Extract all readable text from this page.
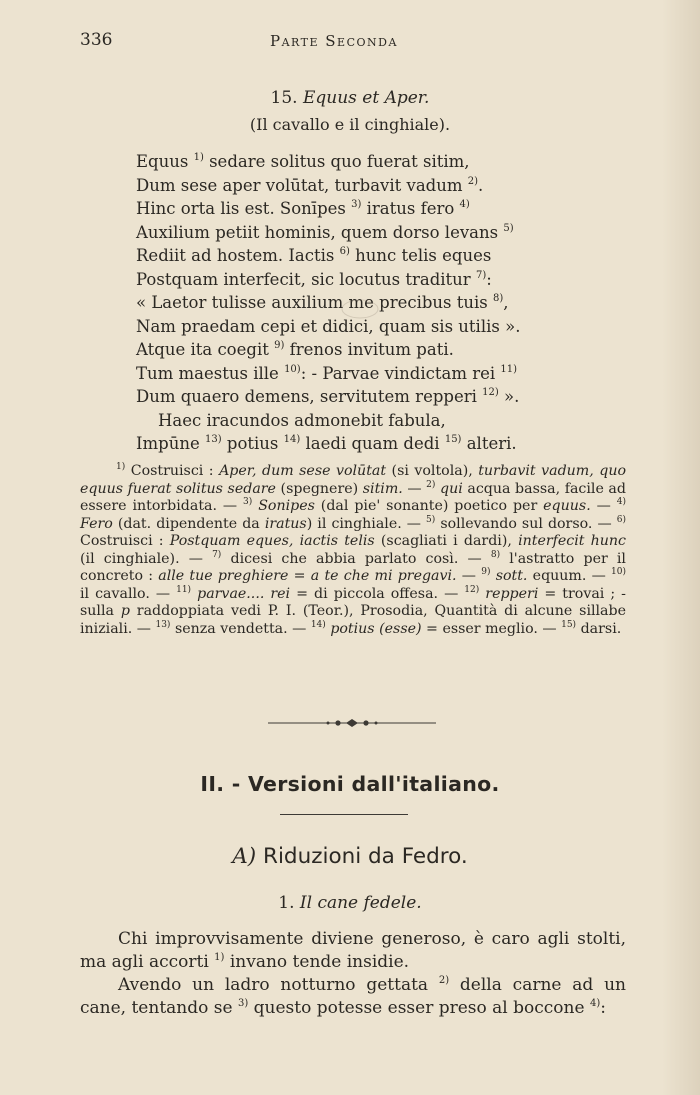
336	Parte Seconda
15. Equus et Aper.
(Il cavallo e il cinghiale).
Equus $^{1)}$ sedare solitus quo fuerat sitim,
Dum sese aper volūtat, turbavit vadum $^{2)}$.
Hinc orta lis est. Sonīpes $^{3)}$ iratus fero $^{4)}$
Auxilium petiit hominis, quem dorso levans $^{5)}$
Rediit ad hostem. Iactis $^{6)}$ hunc telis eques
Postquam interfecit, sic locutus traditur $^{7)}$:
« Laetor tulisse auxilium me precibus tuis $^{8)}$,
Nam praedam cepi et didici, quam sis utilis ».
Atque ita coegit $^{9)}$ frenos invitum pati.
Tum maestus ille $^{10)}$: - Parvae vindictam rei $^{11)}$
Dum quaero demens, servitutem repperi $^{12)}$ ».
Haec iracundos admonebit fabula,
Impūne $^{13)}$ potius $^{14)}$ laedi quam dedi $^{15)}$ alteri.

$^{1)}$ Costruisci : Aper, dum sese volūtat (si voltola), turbavit vadum, quo equus fuerat solitus sedare (spegnere) sitim. — $^{2)}$ qui acqua bassa, facile ad essere intorbidata. — $^{3)}$ Sonipes (dal pie' sonante) poetico per equus. — $^{4)}$ Fero (dat. dipendente da iratus) il cinghiale. — $^{5)}$ sollevando sul dorso. — $^{6)}$ Costruisci : Postquam eques, iactis telis (scagliati i dardi), interfecit hunc (il cinghiale). — $^{7)}$ dicesi che abbia parlato così. — $^{8)}$ l'astratto per il concreto : alle tue preghiere = a te che mi pregavi. — $^{9)}$ sott. equum. — $^{10)}$ il cavallo. — $^{11)}$ parvae.... rei = di piccola offesa. — $^{12)}$ repperi = trovai ; - sulla p raddoppiata vedi P. I. (Teor.), Prosodia, Quantità di alcune sillabe iniziali. — $^{13)}$ senza vendetta. — $^{14)}$ potius (esse) = esser meglio. — $^{15)}$ darsi.

II. - Versioni dall'italiano.
A) Riduzioni da Fedro.
1. Il cane fedele.

Chi improvvisamente diviene generoso, è caro agli stolti, ma agli accorti $^{1)}$ invano tende insidie.

Avendo un ladro notturno gettata $^{2)}$ della carne ad un cane, tentando se $^{3)}$ questo potesse esser preso al boccone $^{4)}$:
